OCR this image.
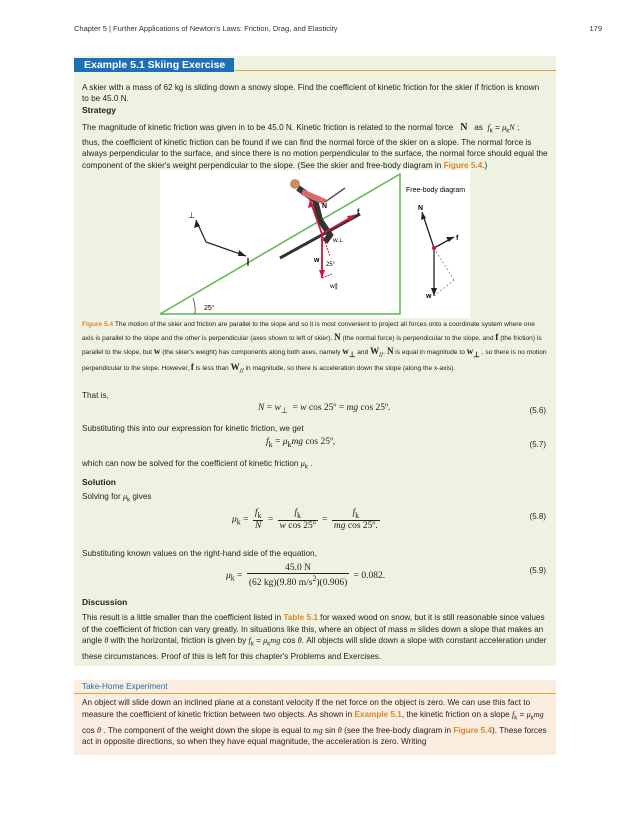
Chapter 5 | Further Applications of Newton's Laws: Friction, Drag, and Elasticity	179
Example 5.1 Skiing Exercise
A skier with a mass of 62 kg is sliding down a snowy slope. Find the coefficient of kinetic friction for the skier if friction is known to be 45.0 N.
Strategy
The magnitude of kinetic friction was given in to be 45.0 N. Kinetic friction is related to the normal force N as $f_k = \mu_kN$ ;
thus, the coefficient of kinetic friction can be found if we can find the normal force of the skier on a slope. The normal force is always perpendicular to the surface, and since there is no motion perpendicular to the surface, the normal force should equal the component of the skier's weight perpendicular to the slope. (See the skier and free-body diagram in Figure 5.4.)
25°
⊥
∥
N
f
w
w⊥
w∥
25°
Free-body diagram
N
f
w
Figure 5.4 The motion of the skier and friction are parallel to the slope and so it is most convenient to project all forces onto a coordinate system where one axis is parallel to the slope and the other is perpendicular (axes shown to left of skier). N (the normal force) is perpendicular to the slope, and f (the friction) is parallel to the slope, but w (the skier's weight) has components along both axes, namely $w_\perp$ and $W_{//}$. N is equal in magnitude to $w_\perp$ , so there is no motion perpendicular to the slope. However, f is less than $W_{//}$ in magnitude, so there is acceleration down the slope (along the x-axis).
That is,
$N = w_\perp = w$ cos 25º = mg cos 25º.	(5.6)
Substituting this into our expression for kinetic friction, we get
$f_k = \mu_kmg$ cos 25º,	(5.7)
which can now be solved for the coefficient of kinetic friction $\mu_k$ .
Solution
Solving for $\mu_k$ gives
$\mu_k = \frac{f_k}{N} = \frac{f_k}{\text{w cos 25º}} = \frac{f_k}{\text{mg cos 25º.}}$	(5.8)
Substituting known values on the right-hand side of the equation,
$\mu_k = \frac{45.0 N}{(62 kg)(9.80 m/s^2)(0.906)} = 0.082$.
(5.9)
Discussion
This result is a little smaller than the coefficient listed in Table 5.1 for waxed wood on snow, but it is still reasonable since values of the coefficient of friction can vary greatly. In situations like this, where an object of mass m slides down a slope that makes an angle θ with the horizontal, friction is given by $f_k = \mu_kmg$ cos θ. All objects will slide down a slope with constant acceleration under these circumstances. Proof of this is left for this chapter's Problems and Exercises.
Take-Home Experiment
An object will slide down an inclined plane at a constant velocity if the net force on the object is zero. We can use this fact to measure the coefficient of kinetic friction between two objects. As shown in Example 5.1, the kinetic friction on a slope $f_k = \mu_kmg$ cos θ . The component of the weight down the slope is equal to mg sin θ (see the free-body diagram in Figure 5.4). These forces act in opposite directions, so when they have equal magnitude, the acceleration is zero. Writing
